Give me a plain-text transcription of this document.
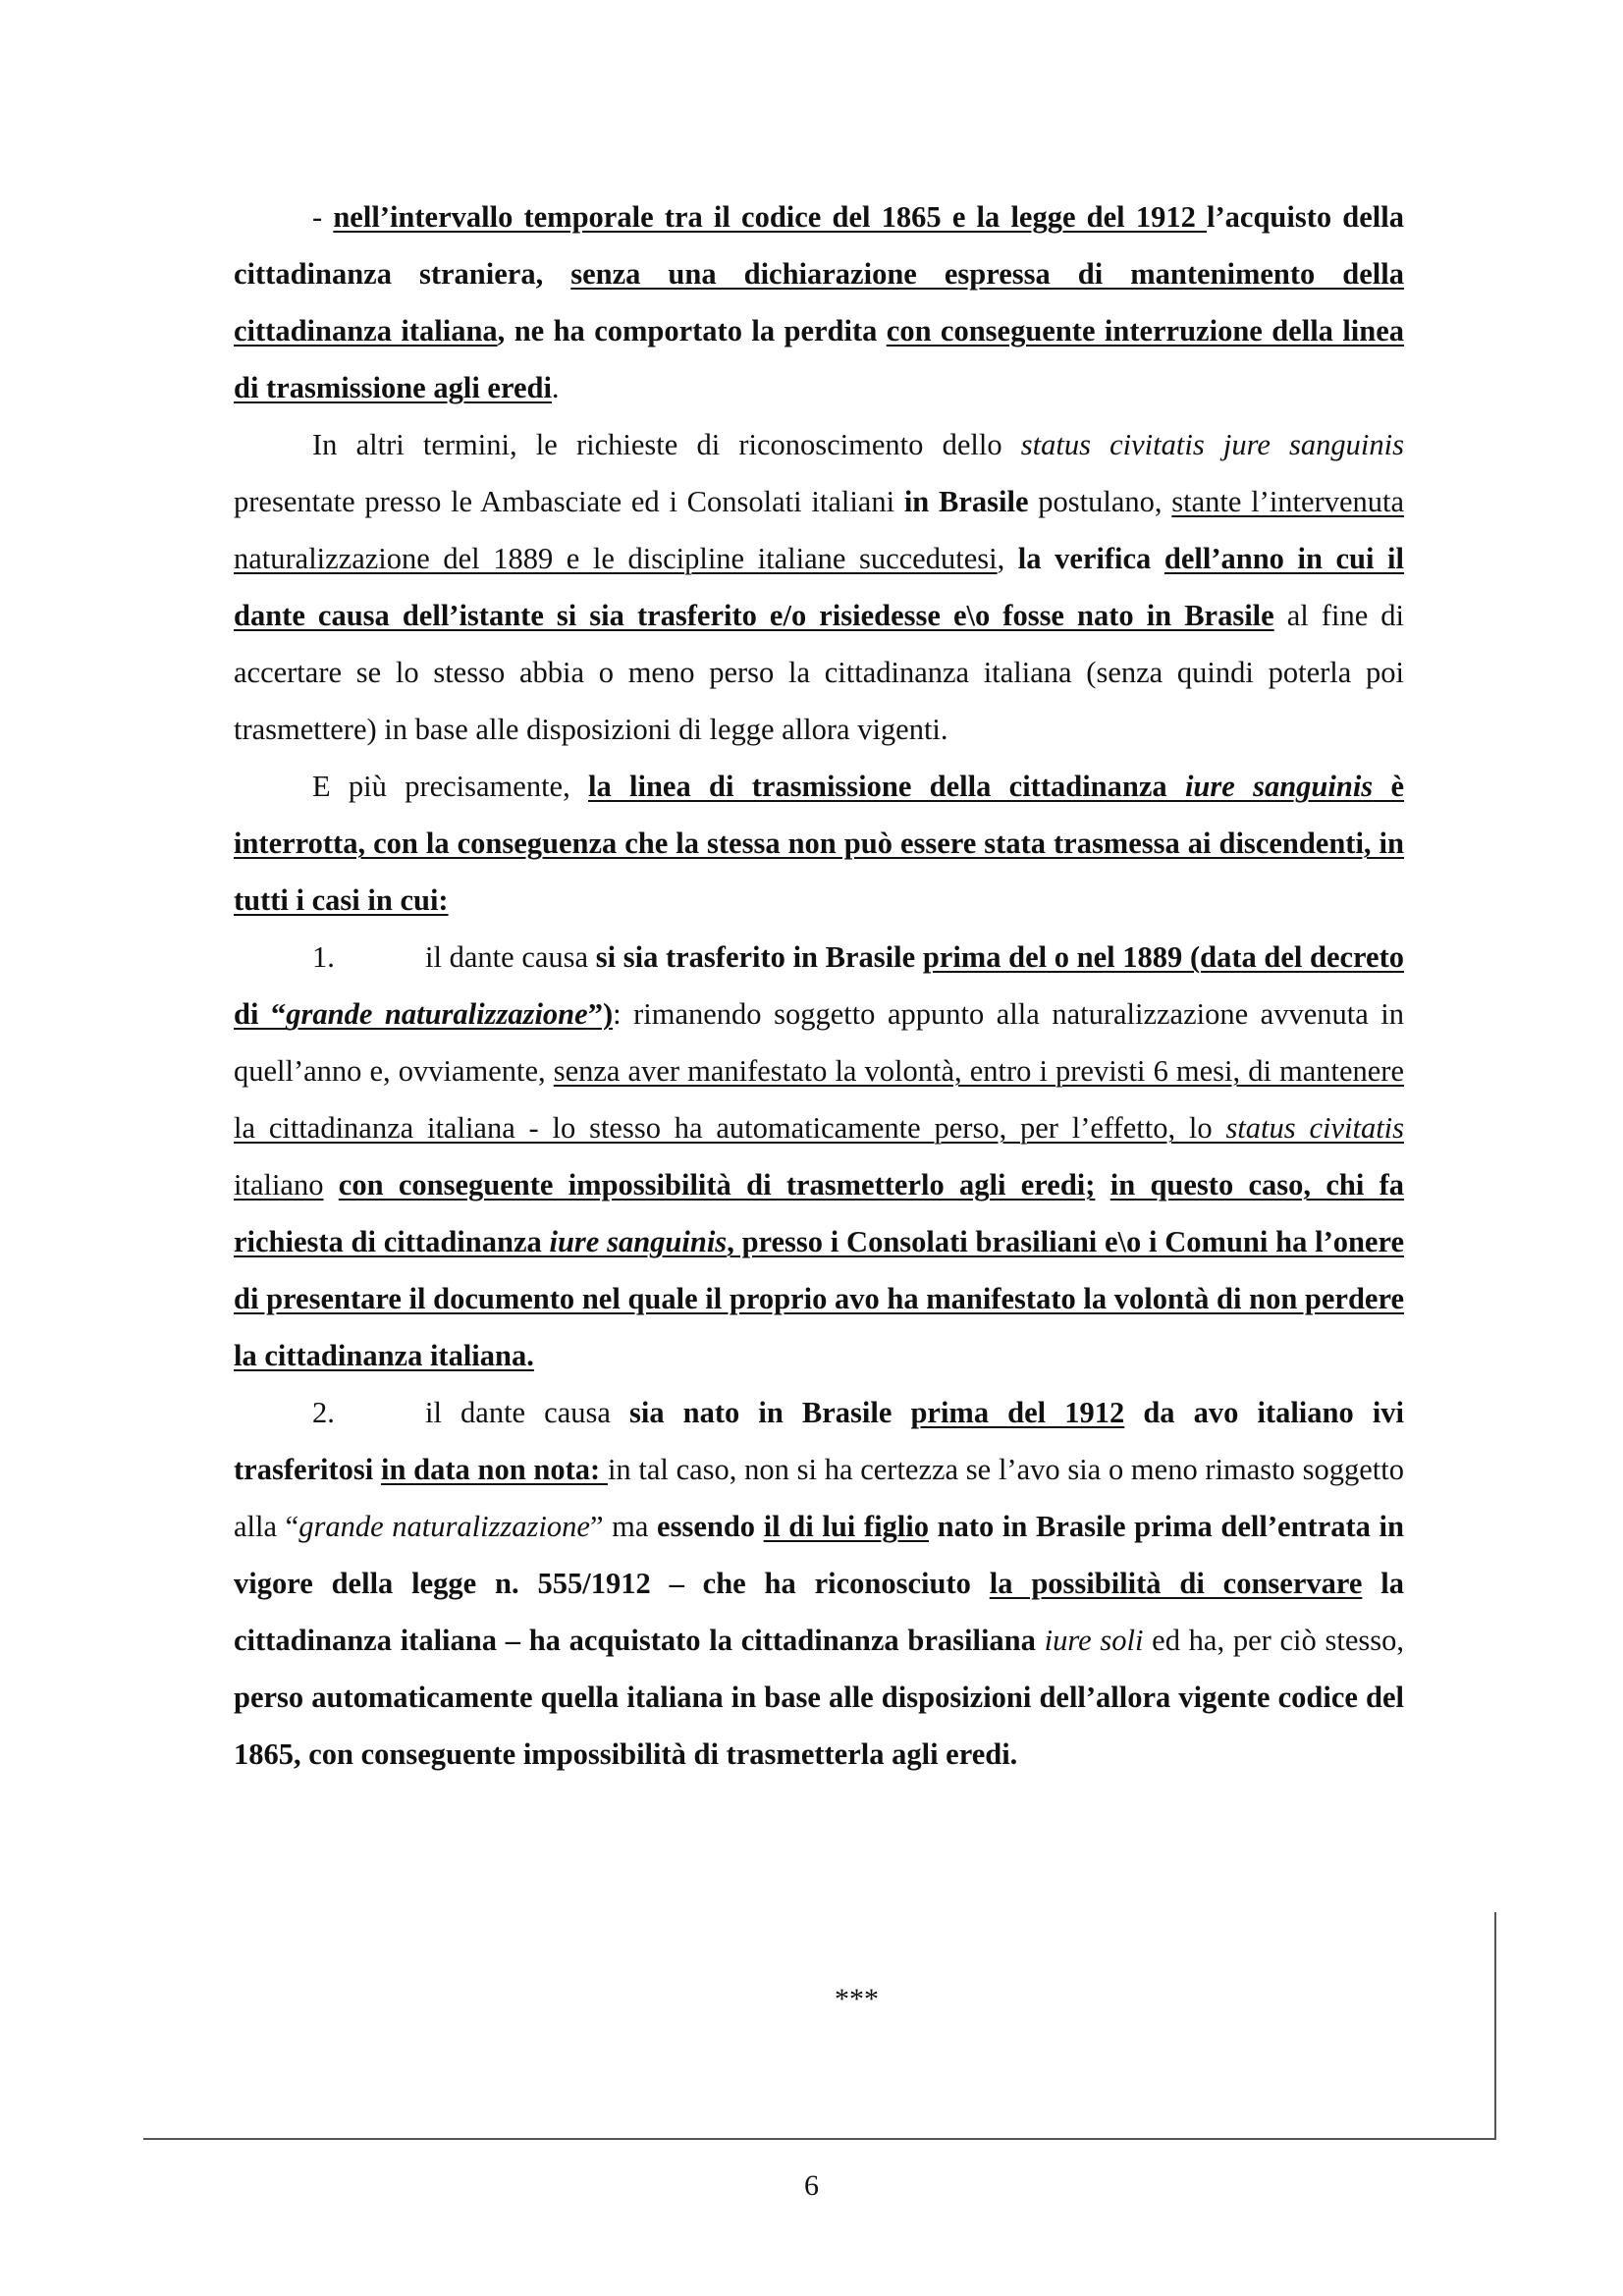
- nell’intervallo temporale tra il codice del 1865 e la legge del 1912 l’acquisto della cittadinanza straniera, senza una dichiarazione espressa di mantenimento della cittadinanza italiana, ne ha comportato la perdita con conseguente interruzione della linea di trasmissione agli eredi.

In altri termini, le richieste di riconoscimento dello status civitatis jure sanguinis presentate presso le Ambasciate ed i Consolati italiani in Brasile postulano, stante l’intervenuta naturalizzazione del 1889 e le discipline italiane succedutesi, la verifica dell’anno in cui il dante causa dell’istante si sia trasferito e/o risiedesse e\o fosse nato in Brasile al fine di accertare se lo stesso abbia o meno perso la cittadinanza italiana (senza quindi poterla poi trasmettere) in base alle disposizioni di legge allora vigenti.

E più precisamente, la linea di trasmissione della cittadinanza iure sanguinis è interrotta, con la conseguenza che la stessa non può essere stata trasmessa ai discendenti, in tutti i casi in cui:

1.	il dante causa si sia trasferito in Brasile prima del o nel 1889 (data del decreto di “grande naturalizzazione”): rimanendo soggetto appunto alla naturalizzazione avvenuta in quell’anno e, ovviamente, senza aver manifestato la volontà, entro i previsti 6 mesi, di mantenere la cittadinanza italiana - lo stesso ha automaticamente perso, per l’effetto, lo status civitatis italiano con conseguente impossibilità di trasmetterlo agli eredi; in questo caso, chi fa richiesta di cittadinanza iure sanguinis, presso i Consolati brasiliani e\o i Comuni ha l’onere di presentare il documento nel quale il proprio avo ha manifestato la volontà di non perdere la cittadinanza italiana.

2.	il dante causa sia nato in Brasile prima del 1912 da avo italiano ivi trasferitosi in data non nota: in tal caso, non si ha certezza se l’avo sia o meno rimasto soggetto alla “grande naturalizzazione” ma essendo il di lui figlio nato in Brasile prima dell’entrata in vigore della legge n. 555/1912 – che ha riconosciuto la possibilità di conservare la cittadinanza italiana – ha acquistato la cittadinanza brasiliana iure soli ed ha, per ciò stesso, perso automaticamente quella italiana in base alle disposizioni dell’allora vigente codice del 1865, con conseguente impossibilità di trasmetterla agli eredi.

***
6
